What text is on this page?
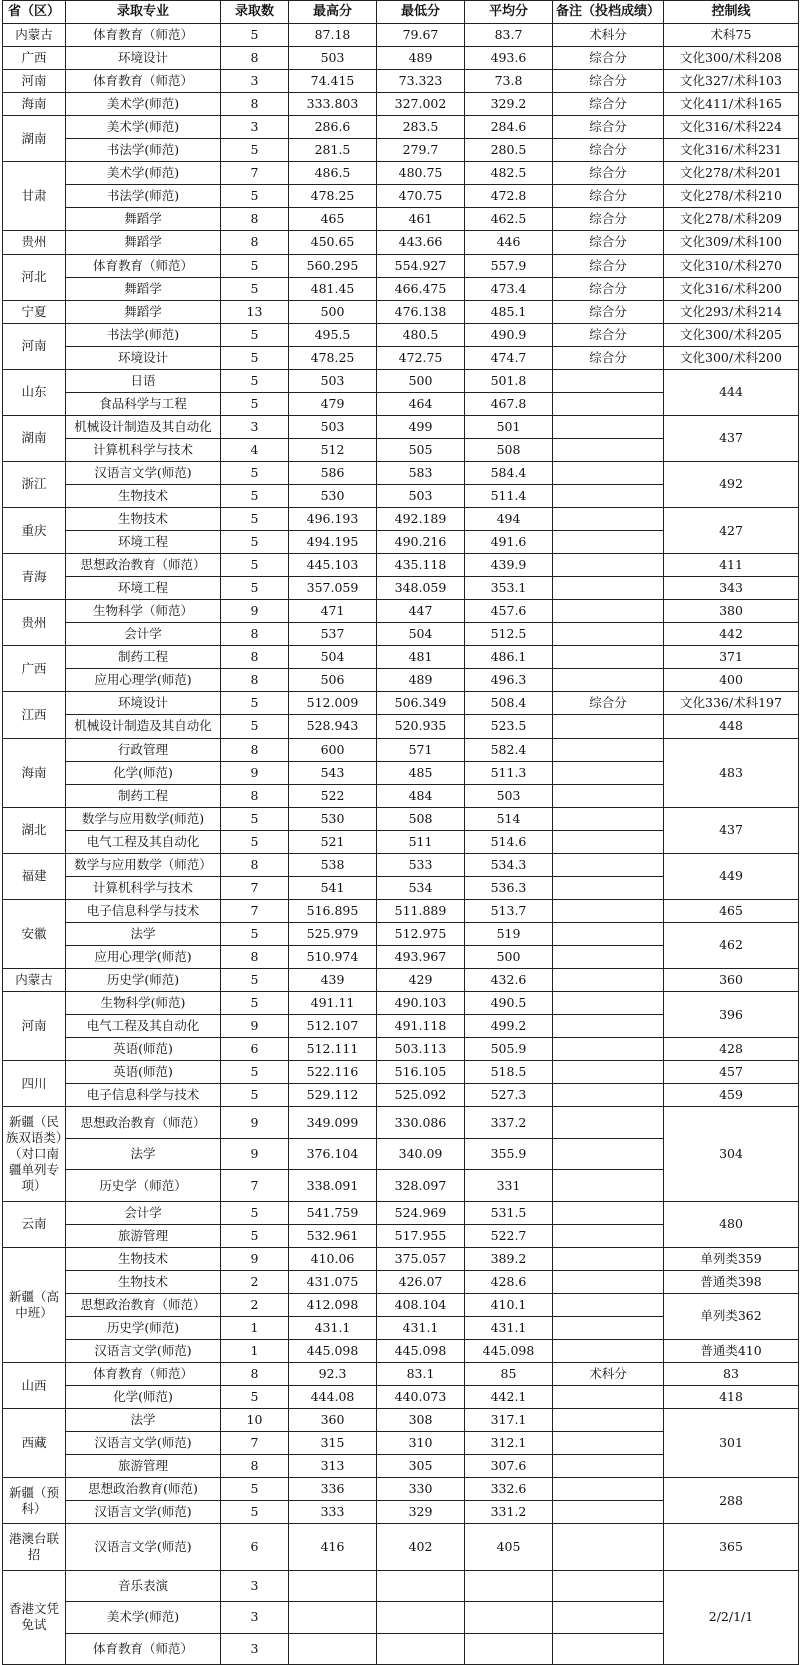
省（区）	录取专业	录取数	最高分	最低分	平均分	备注（投档成绩）	控制线
内蒙古	体育教育（师范）	5	87.18	79.67	83.7	术科分	术科75
广西	环境设计	8	503	489	493.6	综合分	文化300/术科208
河南	体育教育（师范）	3	74.415	73.323	73.8	综合分	文化327/术科103
海南	美术学(师范)	8	333.803	327.002	329.2	综合分	文化411/术科165
湖南	美术学(师范)	3	286.6	283.5	284.6	综合分	文化316/术科224
	书法学(师范)	5	281.5	279.7	280.5	综合分	文化316/术科231
甘肃	美术学(师范)	7	486.5	480.75	482.5	综合分	文化278/术科201
	书法学(师范)	5	478.25	470.75	472.8	综合分	文化278/术科210
	舞蹈学	8	465	461	462.5	综合分	文化278/术科209
贵州	舞蹈学	8	450.65	443.66	446	综合分	文化309/术科100
河北	体育教育（师范）	5	560.295	554.927	557.9	综合分	文化310/术科270
	舞蹈学	5	481.45	466.475	473.4	综合分	文化316/术科200
宁夏	舞蹈学	13	500	476.138	485.1	综合分	文化293/术科214
河南	书法学(师范)	5	495.5	480.5	490.9	综合分	文化300/术科205
	环境设计	5	478.25	472.75	474.7	综合分	文化300/术科200
山东	日语	5	503	500	501.8		444
	食品科学与工程	5	479	464	467.8		
湖南	机械设计制造及其自动化	3	503	499	501		437
	计算机科学与技术	4	512	505	508		
浙江	汉语言文学(师范)	5	586	583	584.4		492
	生物技术	5	530	503	511.4		
重庆	生物技术	5	496.193	492.189	494		427
	环境工程	5	494.195	490.216	491.6		
青海	思想政治教育（师范）	5	445.103	435.118	439.9		411
	环境工程	5	357.059	348.059	353.1		343
贵州	生物科学（师范）	9	471	447	457.6		380
	会计学	8	537	504	512.5		442
广西	制药工程	8	504	481	486.1		371
	应用心理学(师范)	8	506	489	496.3		400
江西	环境设计	5	512.009	506.349	508.4	综合分	文化336/术科197
	机械设计制造及其自动化	5	528.943	520.935	523.5		448
海南	行政管理	8	600	571	582.4		483
	化学(师范)	9	543	485	511.3		
	制药工程	8	522	484	503		
湖北	数学与应用数学(师范)	5	530	508	514		437
	电气工程及其自动化	5	521	511	514.6		
福建	数学与应用数学（师范）	8	538	533	534.3		449
	计算机科学与技术	7	541	534	536.3		
安徽	电子信息科学与技术	7	516.895	511.889	513.7		465
	法学	5	525.979	512.975	519		462
	应用心理学(师范)	8	510.974	493.967	500		
内蒙古	历史学(师范)	5	439	429	432.6		360
河南	生物科学(师范)	5	491.11	490.103	490.5		396
	电气工程及其自动化	9	512.107	491.118	499.2		
	英语(师范)	6	512.111	503.113	505.9		428
四川	英语(师范)	5	522.116	516.105	518.5		457
	电子信息科学与技术	5	529.112	525.092	527.3		459
新疆（民族双语类）（对口南疆单列专项）	思想政治教育（师范）	9	349.099	330.086	337.2		304
	法学	9	376.104	340.09	355.9		
	历史学（师范）	7	338.091	328.097	331		
云南	会计学	5	541.759	524.969	531.5		480
	旅游管理	5	532.961	517.955	522.7		
新疆（高中班）	生物技术	9	410.06	375.057	389.2		单列类359
	生物技术	2	431.075	426.07	428.6		普通类398
	思想政治教育（师范）	2	412.098	408.104	410.1		单列类362
	历史学(师范)	1	431.1	431.1	431.1		
	汉语言文学(师范)	1	445.098	445.098	445.098		普通类410
山西	体育教育（师范）	8	92.3	83.1	85	术科分	83
	化学(师范)	5	444.08	440.073	442.1		418
西藏	法学	10	360	308	317.1		301
	汉语言文学(师范)	7	315	310	312.1		
	旅游管理	8	313	305	307.6		
新疆（预科）	思想政治教育(师范)	5	336	330	332.6		288
	汉语言文学(师范)	5	333	329	331.2		
港澳台联招	汉语言文学(师范)	6	416	402	405		365

香港文凭免试	音乐表演	3					2/2/1/1
	美术学(师范)	3					
	体育教育（师范）	3					
